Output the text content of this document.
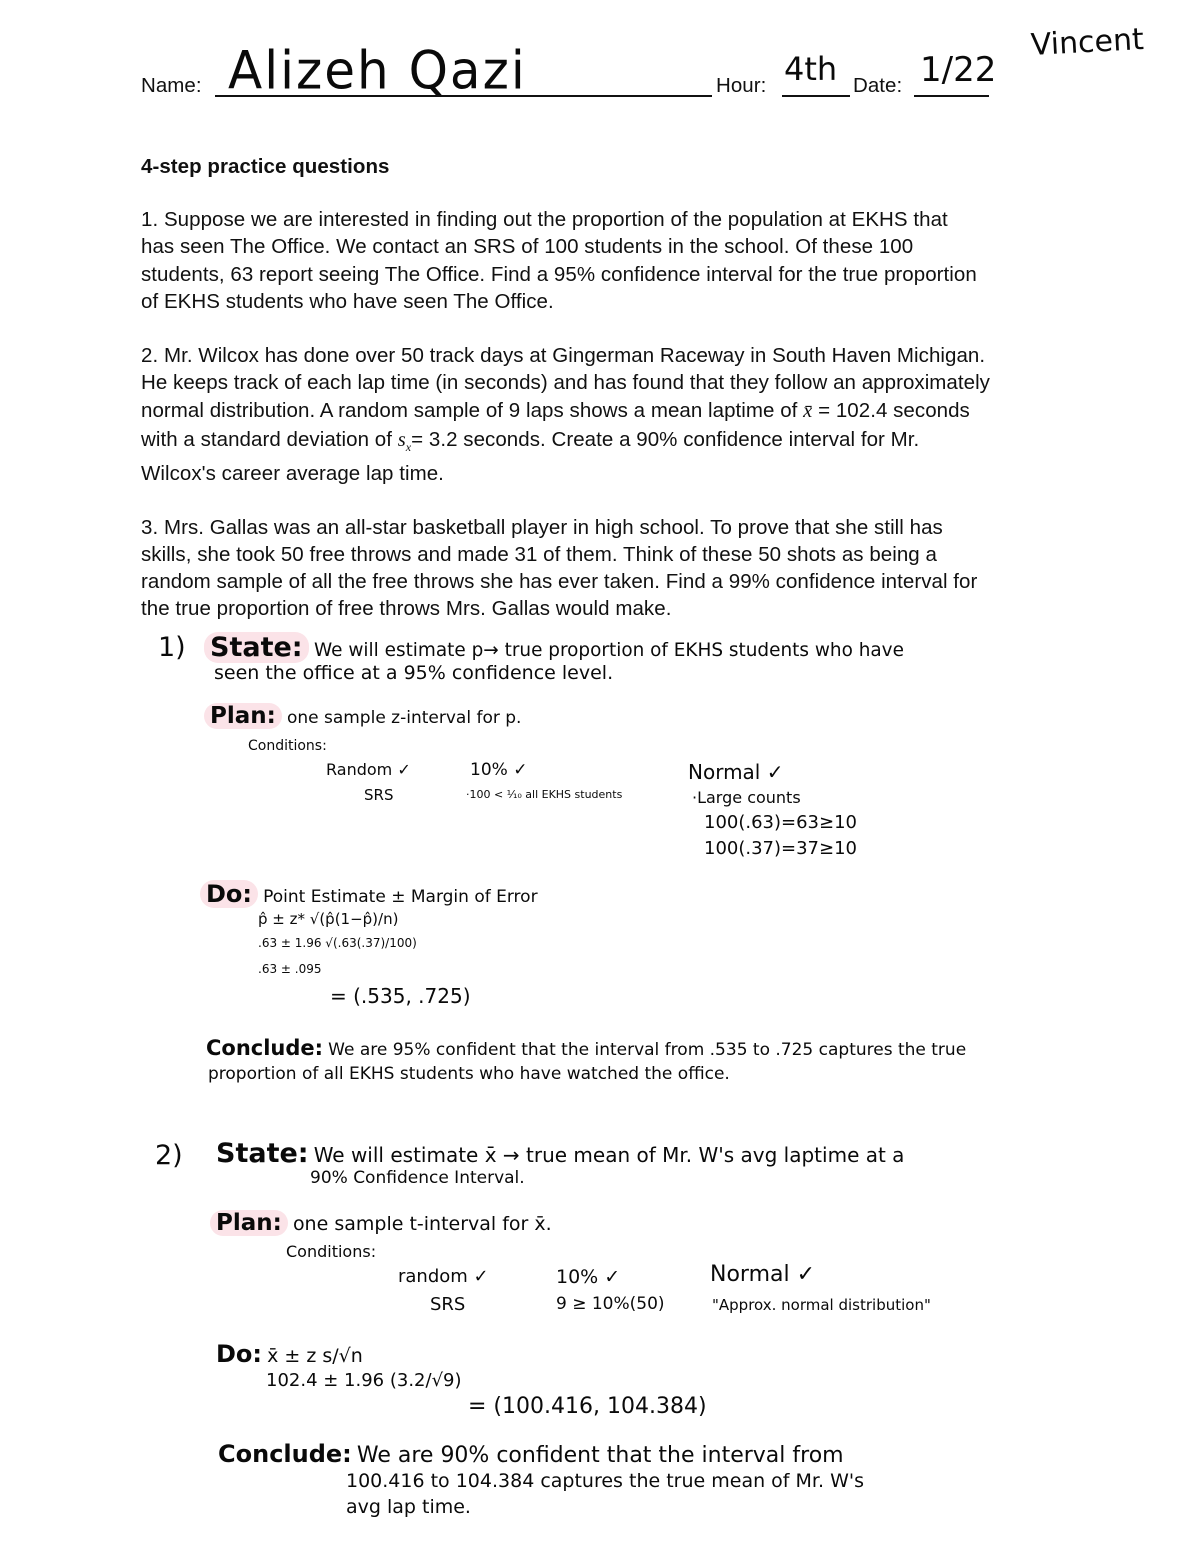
Name: Alizeh Qazi	Hour: 4th Date: 1/22
Vincent
4-step practice questions
1. Suppose we are interested in finding out the proportion of the population at EKHS that
has seen The Office. We contact an SRS of 100 students in the school. Of these 100
students, 63 report seeing The Office. Find a 95% confidence interval for the true proportion
of EKHS students who have seen The Office.
2. Mr. Wilcox has done over 50 track days at Gingerman Raceway in South Haven Michigan.
He keeps track of each lap time (in seconds) and has found that they follow an approximately
normal distribution. A random sample of 9 laps shows a mean laptime of x̄ = 102.4 seconds
with a standard deviation of $s_x= 3.2$ seconds. Create a 90% confidence interval for Mr.
Wilcox's career average lap time.
3. Mrs. Gallas was an all-star basketball player in high school. To prove that she still has
skills, she took 50 free throws and made 31 of them. Think of these 50 shots as being a
random sample of all the free throws she has ever taken. Find a 99% confidence interval for
the true proportion of free throws Mrs. Gallas would make.
1) State: We will estimate p→ true proportion of EKHS students who have
seen the office at a 95% confidence level.
Plan: one sample z-interval for p.
Conditions:
Random ✓
SRS
10% ✓
·100 < ⅒ all EKHS students
Normal ✓
·Large counts
100(.63)=63≥10
100(.37)=37≥10
Do: Point Estimate ± Margin of Error
p̂ ± z* √(p̂(1−p̂)/n)
.63 ± 1.96 √(.63(.37)/100)
.63 ± .095
= (.535, .725)
Conclude: We are 95% confident that the interval from .535 to .725 captures the true
proportion of all EKHS students who have watched the office.
2) State: We will estimate x̄ → true mean of Mr. W's avg laptime at a
90% Confidence Interval.
Plan: one sample t-interval for x̄.
Conditions:
random ✓
SRS
10% ✓
9 ≥ 10%(50)
Normal ✓
"Approx. normal distribution"
Do: x̄ ± z s/√n
102.4 ± 1.96 (3.2/√9)
= (100.416, 104.384)
Conclude: We are 90% confident that the interval from
100.416 to 104.384 captures the true mean of Mr. W's
avg lap time.
